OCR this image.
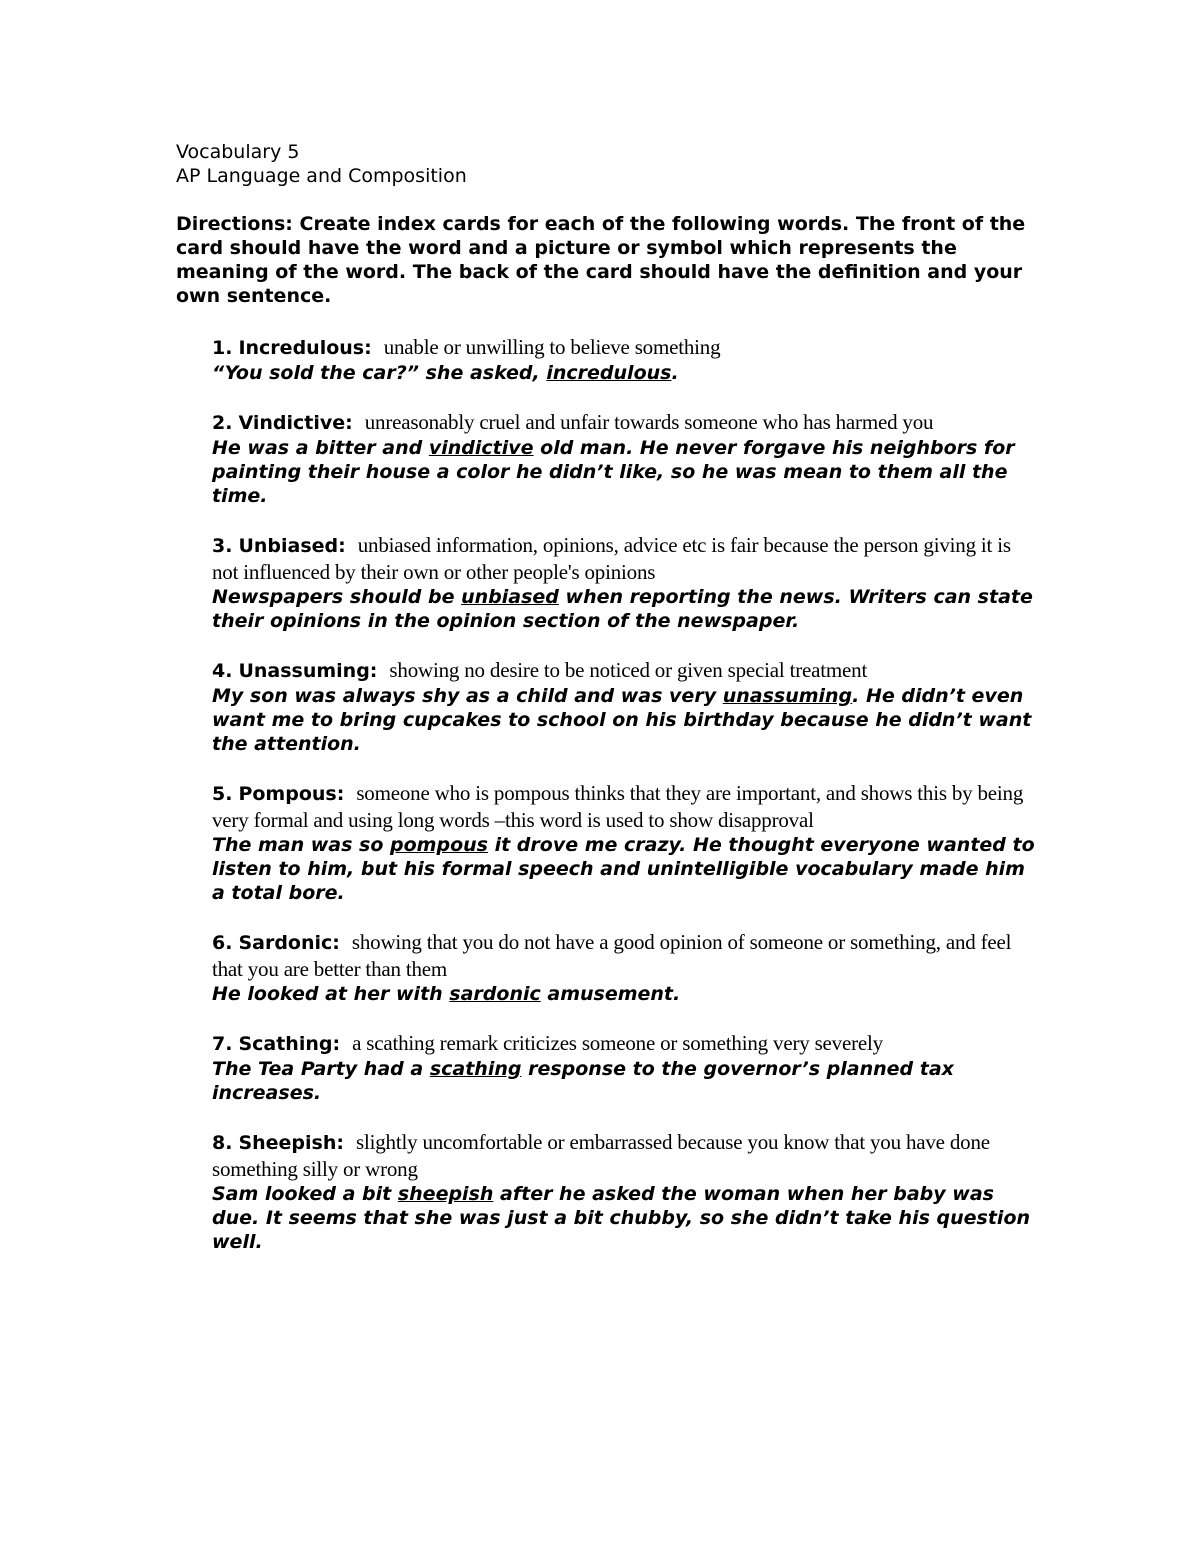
Vocabulary 5

AP Language and Composition

Directions: Create index cards for each of the following words. The front of the card should have the word and a picture or symbol which represents the meaning of the word. The back of the card should have the definition and your own sentence.

1. Incredulous: unable or unwilling to believe something

“You sold the car?” she asked, incredulous.

2. Vindictive: unreasonably cruel and unfair towards someone who has harmed you

He was a bitter and vindictive old man. He never forgave his neighbors for painting their house a color he didn’t like, so he was mean to them all the time.

3. Unbiased: unbiased information, opinions, advice etc is fair because the person giving it is not influenced by their own or other people's opinions

Newspapers should be unbiased when reporting the news. Writers can state their opinions in the opinion section of the newspaper.

4. Unassuming: showing no desire to be noticed or given special treatment

My son was always shy as a child and was very unassuming. He didn’t even want me to bring cupcakes to school on his birthday because he didn’t want the attention.

5. Pompous: someone who is pompous thinks that they are important, and shows this by being very formal and using long words –this word is used to show disapproval

The man was so pompous it drove me crazy. He thought everyone wanted to listen to him, but his formal speech and unintelligible vocabulary made him a total bore.

6. Sardonic: showing that you do not have a good opinion of someone or something, and feel that you are better than them

He looked at her with sardonic amusement.

7. Scathing: a scathing remark criticizes someone or something very severely

The Tea Party had a scathing response to the governor’s planned tax increases.

8. Sheepish: slightly uncomfortable or embarrassed because you know that you have done something silly or wrong

Sam looked a bit sheepish after he asked the woman when her baby was due. It seems that she was just a bit chubby, so she didn’t take his question well.
